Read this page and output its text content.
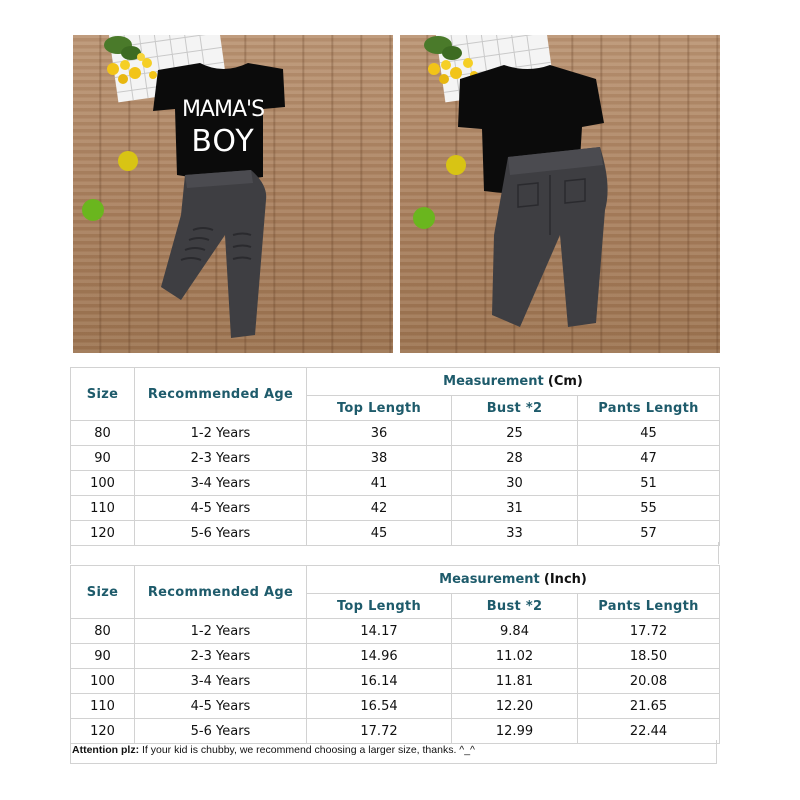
MAMA'S
BOY
Size	Recommended Age	Measurement (Cm)		
		Top Length	Bust *2	Pants Length
80	1-2 Years	36	25	45
90	2-3 Years	38	28	47
100	3-4 Years	41	30	51
110	4-5 Years	42	31	55
120	5-6 Years	45	33	57
Size	Recommended Age	Measurement (Inch)		
		Top Length	Bust *2	Pants Length
80	1-2 Years	14.17	9.84	17.72
90	2-3 Years	14.96	11.02	18.50
100	3-4 Years	16.14	11.81	20.08
110	4-5 Years	16.54	12.20	21.65
120	5-6 Years	17.72	12.99	22.44
Attention plz: If your kid is chubby, we recommend choosing a larger size, thanks. ^_^
